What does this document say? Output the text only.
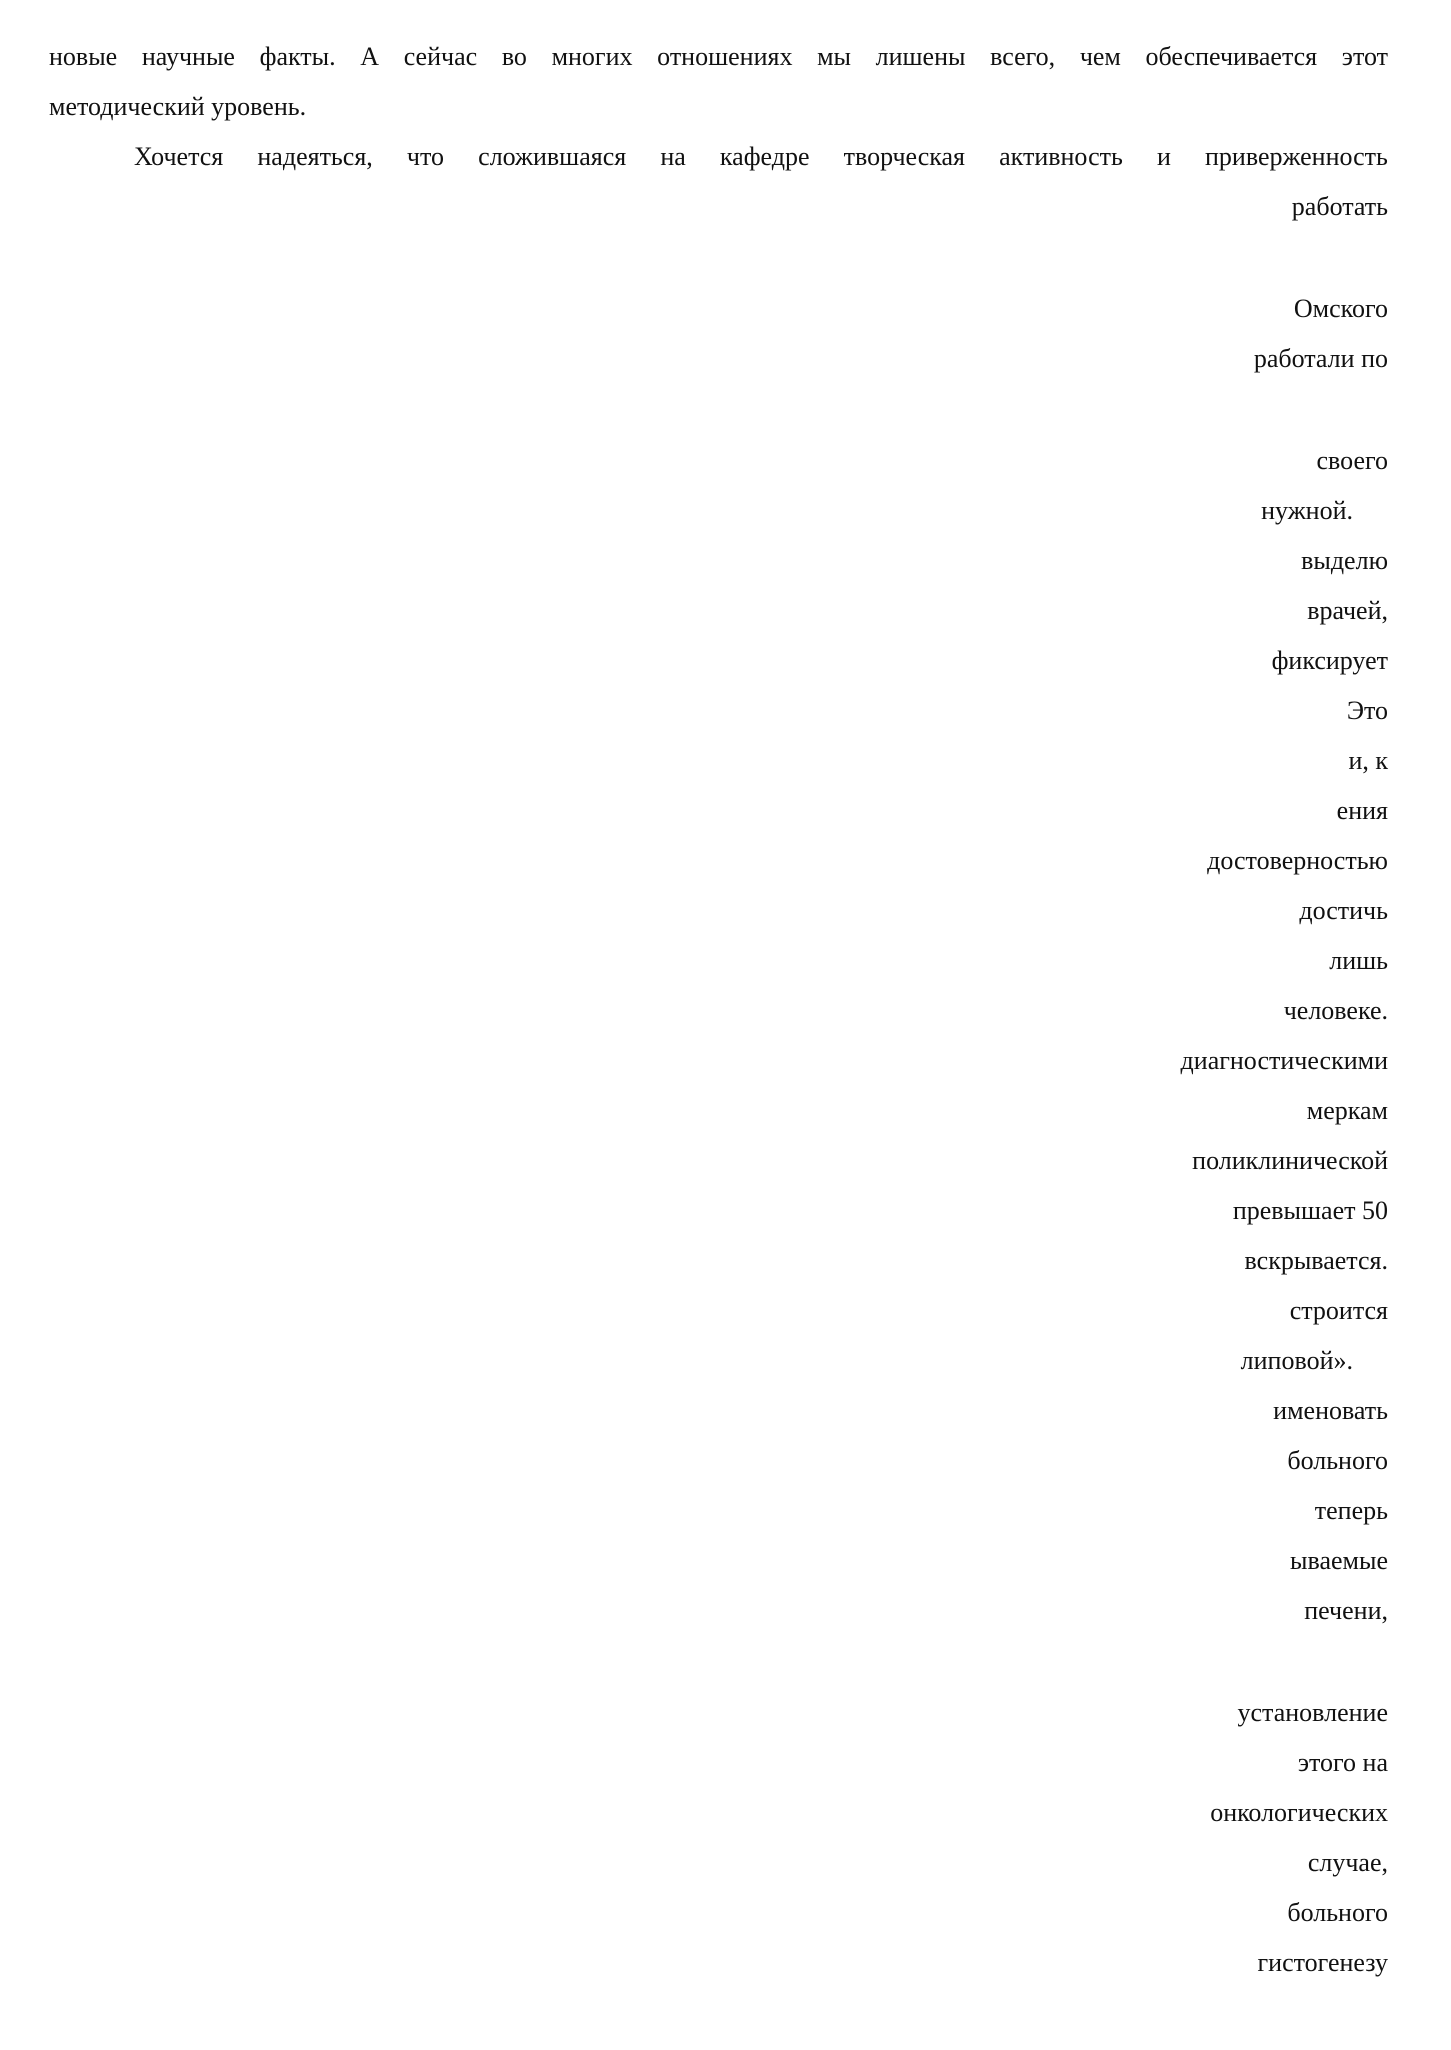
новые научные факты. А сейчас во многих отношениях мы лишены всего, чем обеспечивается этот
методический уровень.
Хочется надеяться, что сложившаяся на кафедре творческая активность и приверженность
работать
Омского
работали по
своего
нужной.
выделю
врачей,
фиксирует
Это
и, к
ения
достоверностью
достичь
лишь
человеке.
диагностическими
меркам
поликлинической
превышает 50
вскрывается.
строится
липовой».
именовать
больного
теперь
ываемые
печени,
установление
этого на
онкологических
случае,
больного
гистогенезу
